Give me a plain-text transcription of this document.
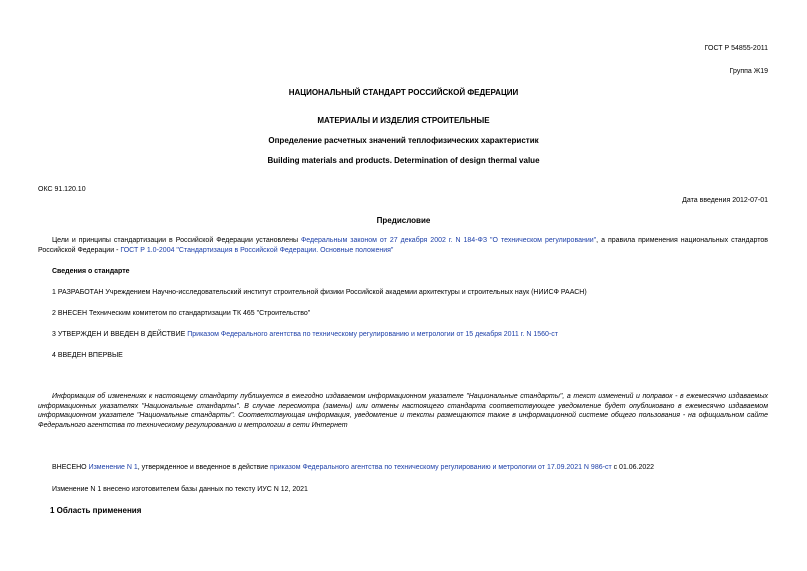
ГОСТ Р 54855-2011
Группа Ж19
НАЦИОНАЛЬНЫЙ СТАНДАРТ РОССИЙСКОЙ ФЕДЕРАЦИИ
МАТЕРИАЛЫ И ИЗДЕЛИЯ СТРОИТЕЛЬНЫЕ
Определение расчетных значений теплофизических характеристик
Building materials and products. Determination of design thermal value
ОКС 91.120.10
Дата введения 2012-07-01
Предисловие
Цели и принципы стандартизации в Российской Федерации установлены Федеральным законом от 27 декабря 2002 г. N 184-ФЗ "О техническом регулировании", а правила применения национальных стандартов Российской Федерации - ГОСТ Р 1.0-2004 "Стандартизация в Российской Федерации. Основные положения"
Сведения о стандарте
1 РАЗРАБОТАН Учреждением Научно-исследовательский институт строительной физики Российской академии архитектуры и строительных наук (НИИСФ РААСН)
2 ВНЕСЕН Техническим комитетом по стандартизации ТК 465 "Строительство"
3 УТВЕРЖДЕН И ВВЕДЕН В ДЕЙСТВИЕ Приказом Федерального агентства по техническому регулированию и метрологии от 15 декабря 2011 г. N 1560-ст
4 ВВЕДЕН ВПЕРВЫЕ
Информация об изменениях к настоящему стандарту публикуется в ежегодно издаваемом информационном указателе "Национальные стандарты", а текст изменений и поправок - в ежемесячно издаваемых информационных указателях "Национальные стандарты". В случае пересмотра (замены) или отмены настоящего стандарта соответствующее уведомление будет опубликовано в ежемесячно издаваемом информационном указателе "Национальные стандарты". Соответствующая информация, уведомление и тексты размещаются также в информационной системе общего пользования - на официальном сайте Федерального агентства по техническому регулированию и метрологии в сети Интернет
ВНЕСЕНО Изменение N 1, утвержденное и введенное в действие приказом Федерального агентства по техническому регулированию и метрологии от 17.09.2021 N 986-ст с 01.06.2022
Изменение N 1 внесено изготовителем базы данных по тексту ИУС N 12, 2021
1 Область применения
